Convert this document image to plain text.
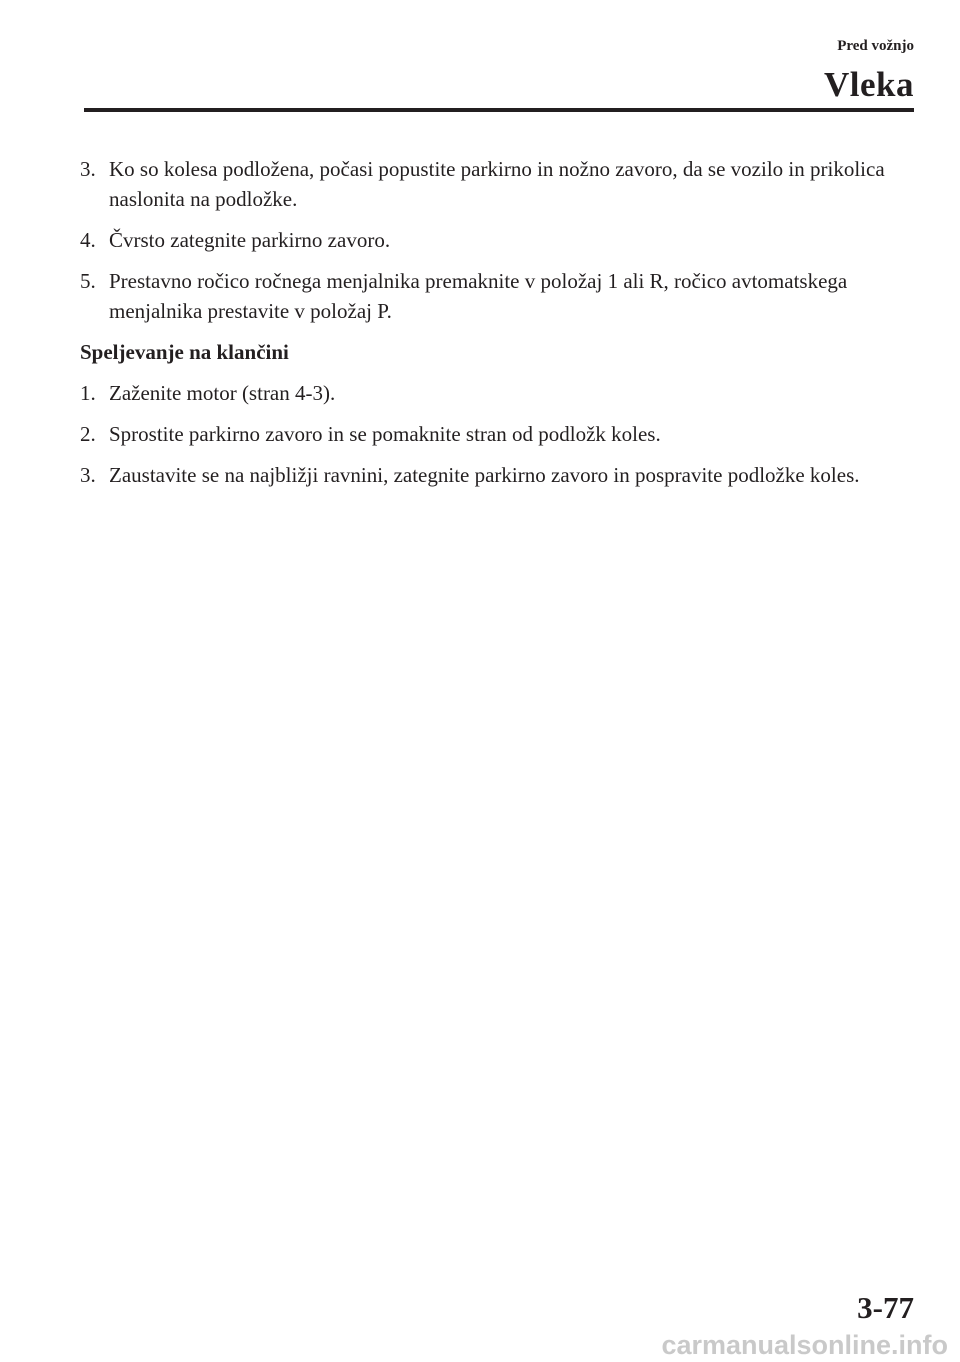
Pred vožnjo
Vleka
3. Ko so kolesa podložena, počasi popustite parkirno in nožno zavoro, da se vozilo in prikolica naslonita na podložke.
4. Čvrsto zategnite parkirno zavoro.
5. Prestavno ročico ročnega menjalnika premaknite v položaj 1 ali R, ročico avtomatskega menjalnika prestavite v položaj P.
Speljevanje na klančini
1. Zaženite motor (stran 4-3).
2. Sprostite parkirno zavoro in se pomaknite stran od podložk koles.
3. Zaustavite se na najbližji ravnini, zategnite parkirno zavoro in pospravite podložke koles.
3-77
carmanualsonline.info
